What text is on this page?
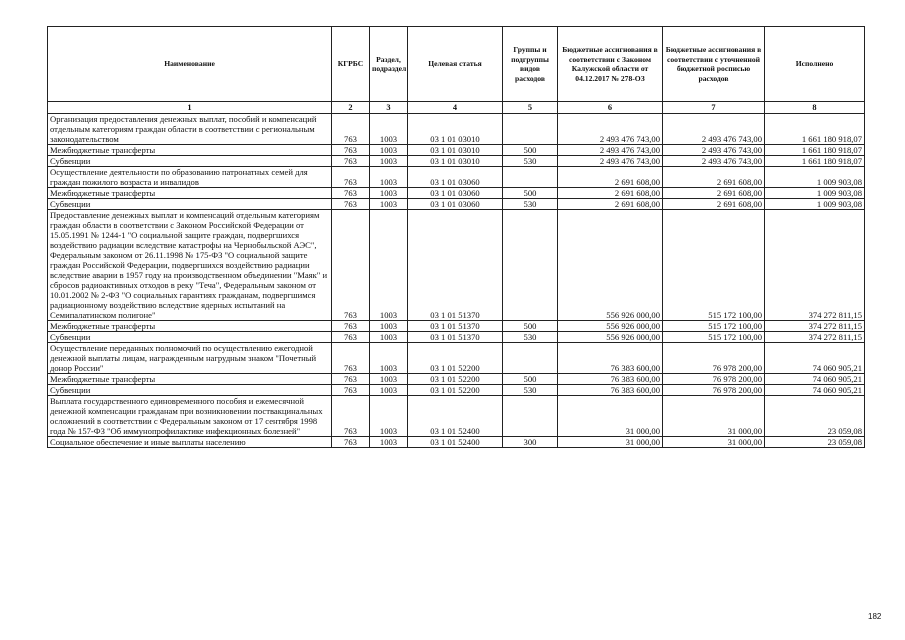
Наименование	КГРБС	Раздел, подраздел	Целевая статья	Группы и подгруппы видов расходов	Бюджетные ассигнования в соответствии с Законом Калужской области от 04.12.2017 № 278-ОЗ	Бюджетные ассигнования в соответствии с уточненной бюджетной росписью расходов	Исполнено
1	2	3	4	5	6	7	8
Организация предоставления денежных выплат, пособий и компенсаций отдельным категориям граждан области в соответствии с региональным законодательством	763	1003	03 1 01 03010		2 493 476 743,00	2 493 476 743,00	1 661 180 918,07
Межбюджетные трансферты	763	1003	03 1 01 03010	500	2 493 476 743,00	2 493 476 743,00	1 661 180 918,07
Субвенции	763	1003	03 1 01 03010	530	2 493 476 743,00	2 493 476 743,00	1 661 180 918,07
Осуществление деятельности по образованию патронатных семей для граждан пожилого возраста и инвалидов	763	1003	03 1 01 03060		2 691 608,00	2 691 608,00	1 009 903,08
Межбюджетные трансферты	763	1003	03 1 01 03060	500	2 691 608,00	2 691 608,00	1 009 903,08
Субвенции	763	1003	03 1 01 03060	530	2 691 608,00	2 691 608,00	1 009 903,08
Предоставление денежных выплат и компенсаций отдельным категориям граждан области в соответствии с Законом Российской Федерации от 15.05.1991 № 1244-1 "О социальной защите граждан, подвергшихся воздействию радиации вследствие катастрофы на Чернобыльской АЭС", Федеральным законом от 26.11.1998 № 175-ФЗ "О социальной защите граждан Российской Федерации, подвергшихся воздействию радиации вследствие аварии в 1957 году на производственном объединении "Маяк" и сбросов радиоактивных отходов в реку "Теча", Федеральным законом от 10.01.2002 № 2-ФЗ "О социальных гарантиях гражданам, подвергшимся радиационному воздействию вследствие ядерных испытаний на Семипалатинском полигоне"	763	1003	03 1 01 51370		556 926 000,00	515 172 100,00	374 272 811,15
Межбюджетные трансферты	763	1003	03 1 01 51370	500	556 926 000,00	515 172 100,00	374 272 811,15
Субвенции	763	1003	03 1 01 51370	530	556 926 000,00	515 172 100,00	374 272 811,15
Осуществление переданных полномочий по осуществлению ежегодной денежной выплаты лицам, награжденным нагрудным знаком "Почетный донор России"	763	1003	03 1 01 52200		76 383 600,00	76 978 200,00	74 060 905,21
Межбюджетные трансферты	763	1003	03 1 01 52200	500	76 383 600,00	76 978 200,00	74 060 905,21
Субвенции	763	1003	03 1 01 52200	530	76 383 600,00	76 978 200,00	74 060 905,21
Выплата государственного единовременного пособия и ежемесячной денежной компенсации гражданам при возникновении поствакцинальных осложнений в соответствии с Федеральным законом от 17 сентября 1998 года № 157-ФЗ "Об иммунопрофилактике инфекционных болезней"	763	1003	03 1 01 52400		31 000,00	31 000,00	23 059,08
Социальное обеспечение и иные выплаты населению	763	1003	03 1 01 52400	300	31 000,00	31 000,00	23 059,08
182
